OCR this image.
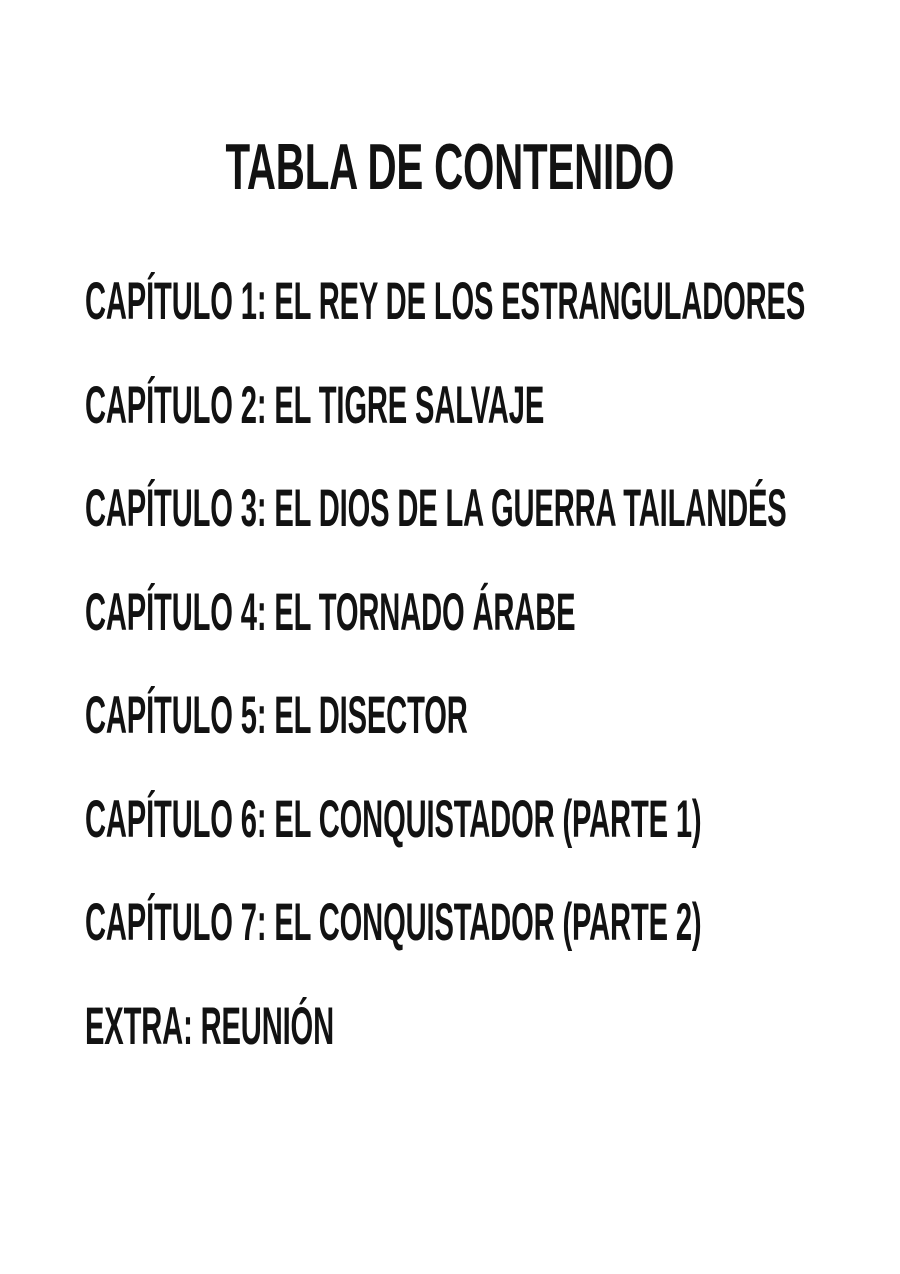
TABLA DE CONTENIDO
CAPÍTULO 1: EL REY DE LOS ESTRANGULADORES
CAPÍTULO 2: EL TIGRE SALVAJE
CAPÍTULO 3: EL DIOS DE LA GUERRA TAILANDÉS
CAPÍTULO 4: EL TORNADO ÁRABE
CAPÍTULO 5: EL DISECTOR
CAPÍTULO 6: EL CONQUISTADOR (PARTE 1)
CAPÍTULO 7: EL CONQUISTADOR (PARTE 2)
EXTRA: REUNIÓN
